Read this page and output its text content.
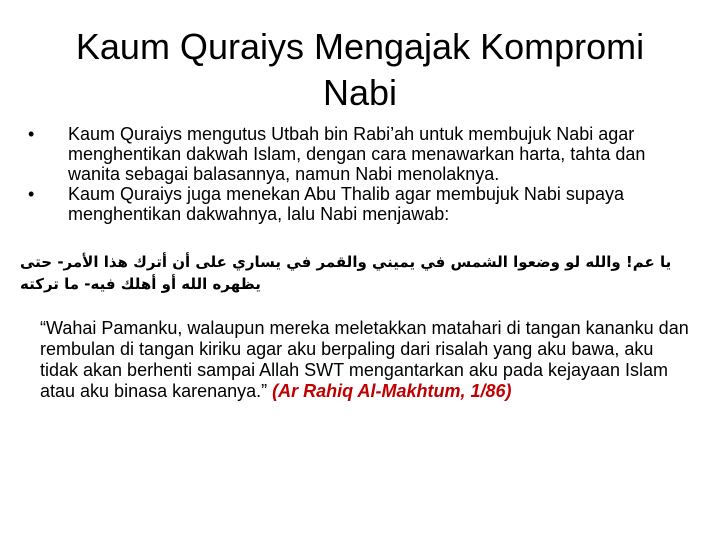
Kaum Quraiys Mengajak Kompromi Nabi
• Kaum Quraiys mengutus Utbah bin Rabi’ah untuk membujuk Nabi agar menghentikan dakwah Islam, dengan cara menawarkan harta, tahta dan wanita sebagai balasannya, namun Nabi menolaknya.
• Kaum Quraiys juga menekan Abu Thalib agar membujuk Nabi supaya menghentikan dakwahnya, lalu Nabi menjawab:

يا عم! والله لو وضعوا الشمس في يميني والقمر في يساري على أن أترك هذا الأمر- حتى يظهره الله أو أهلك فيه- ما تركته

“Wahai Pamanku, walaupun mereka meletakkan matahari di tangan kananku dan rembulan di tangan kiriku agar aku berpaling dari risalah yang aku bawa, aku tidak akan berhenti sampai Allah SWT mengantarkan aku pada kejayaan Islam atau aku binasa karenanya.” (Ar Rahiq Al-Makhtum, 1/86)
